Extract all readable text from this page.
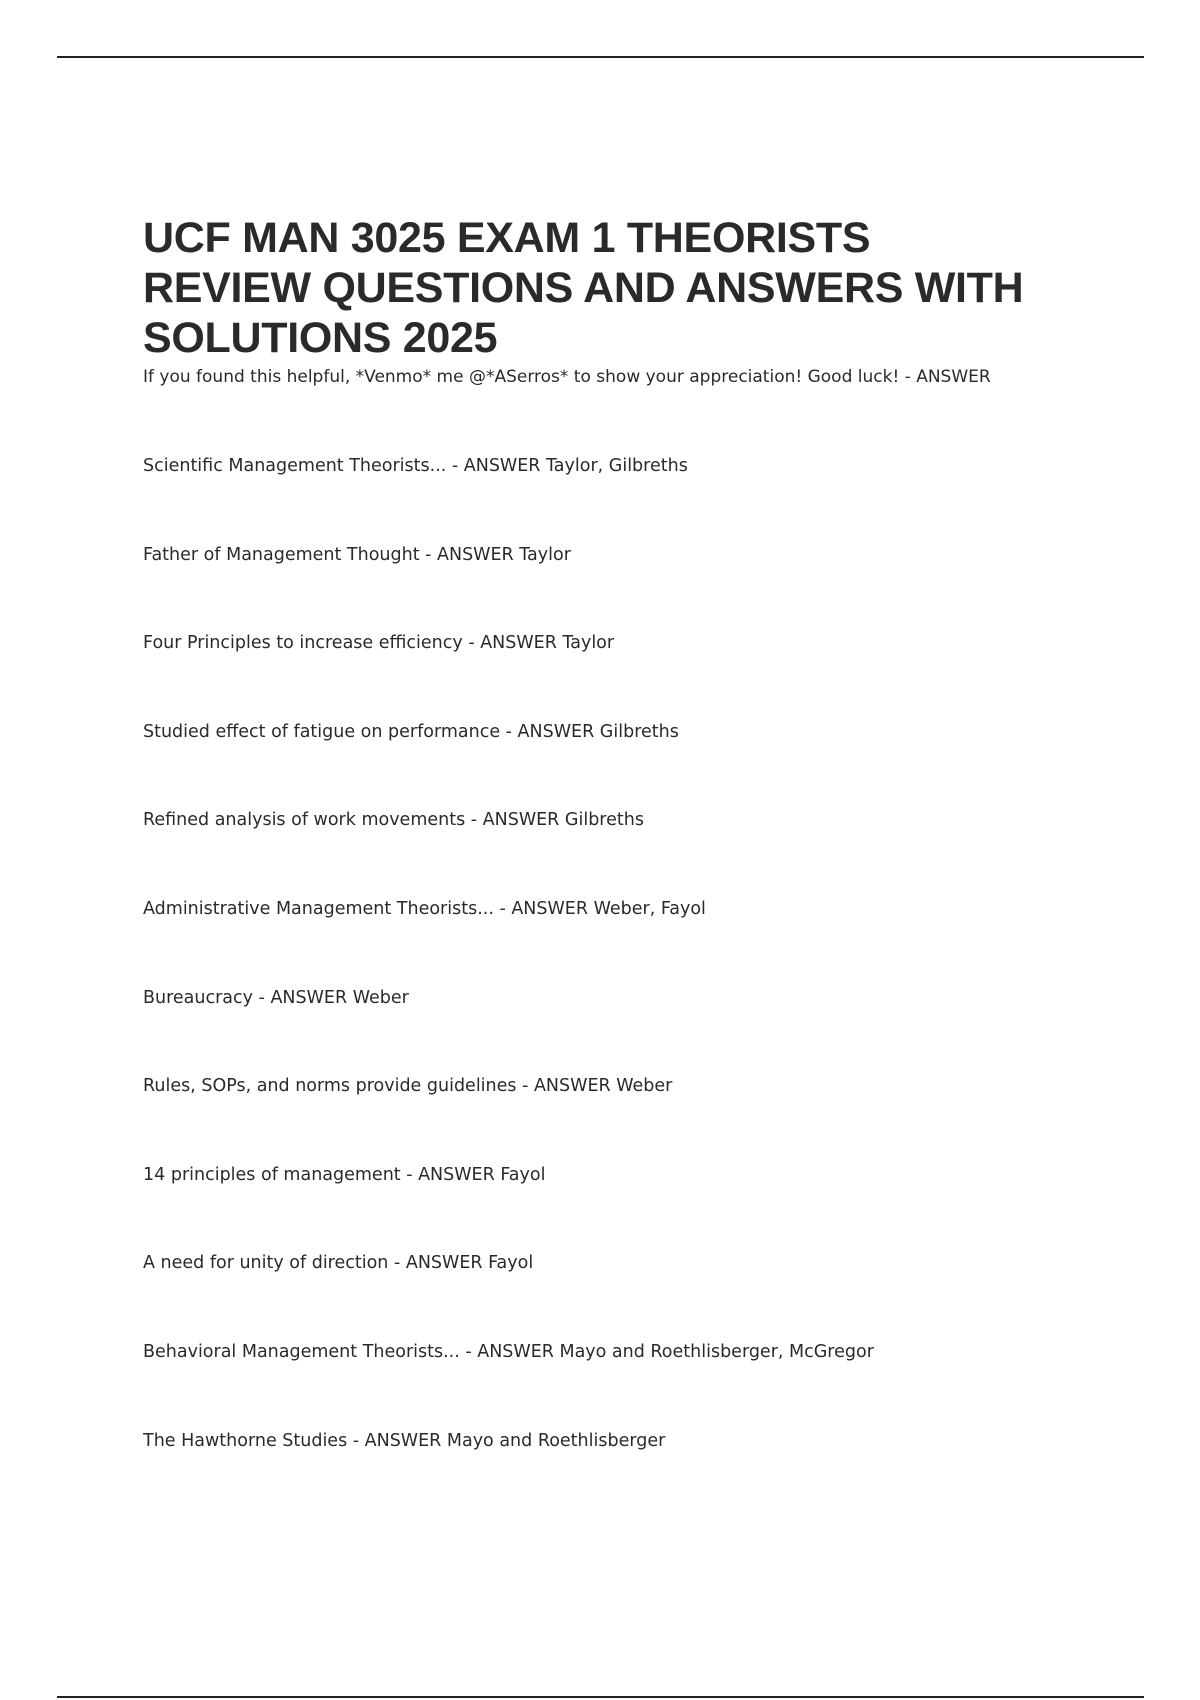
UCF MAN 3025 EXAM 1 THEORISTS
REVIEW QUESTIONS AND ANSWERS WITH
SOLUTIONS 2025
If you found this helpful, *Venmo* me @*ASerros* to show your appreciation! Good luck! - ANSWER
Scientific Management Theorists... - ANSWER Taylor, Gilbreths
Father of Management Thought - ANSWER Taylor
Four Principles to increase efficiency - ANSWER Taylor
Studied effect of fatigue on performance - ANSWER Gilbreths
Refined analysis of work movements - ANSWER Gilbreths
Administrative Management Theorists... - ANSWER Weber, Fayol
Bureaucracy - ANSWER Weber
Rules, SOPs, and norms provide guidelines - ANSWER Weber
14 principles of management - ANSWER Fayol
A need for unity of direction - ANSWER Fayol
Behavioral Management Theorists... - ANSWER Mayo and Roethlisberger, McGregor
The Hawthorne Studies - ANSWER Mayo and Roethlisberger
